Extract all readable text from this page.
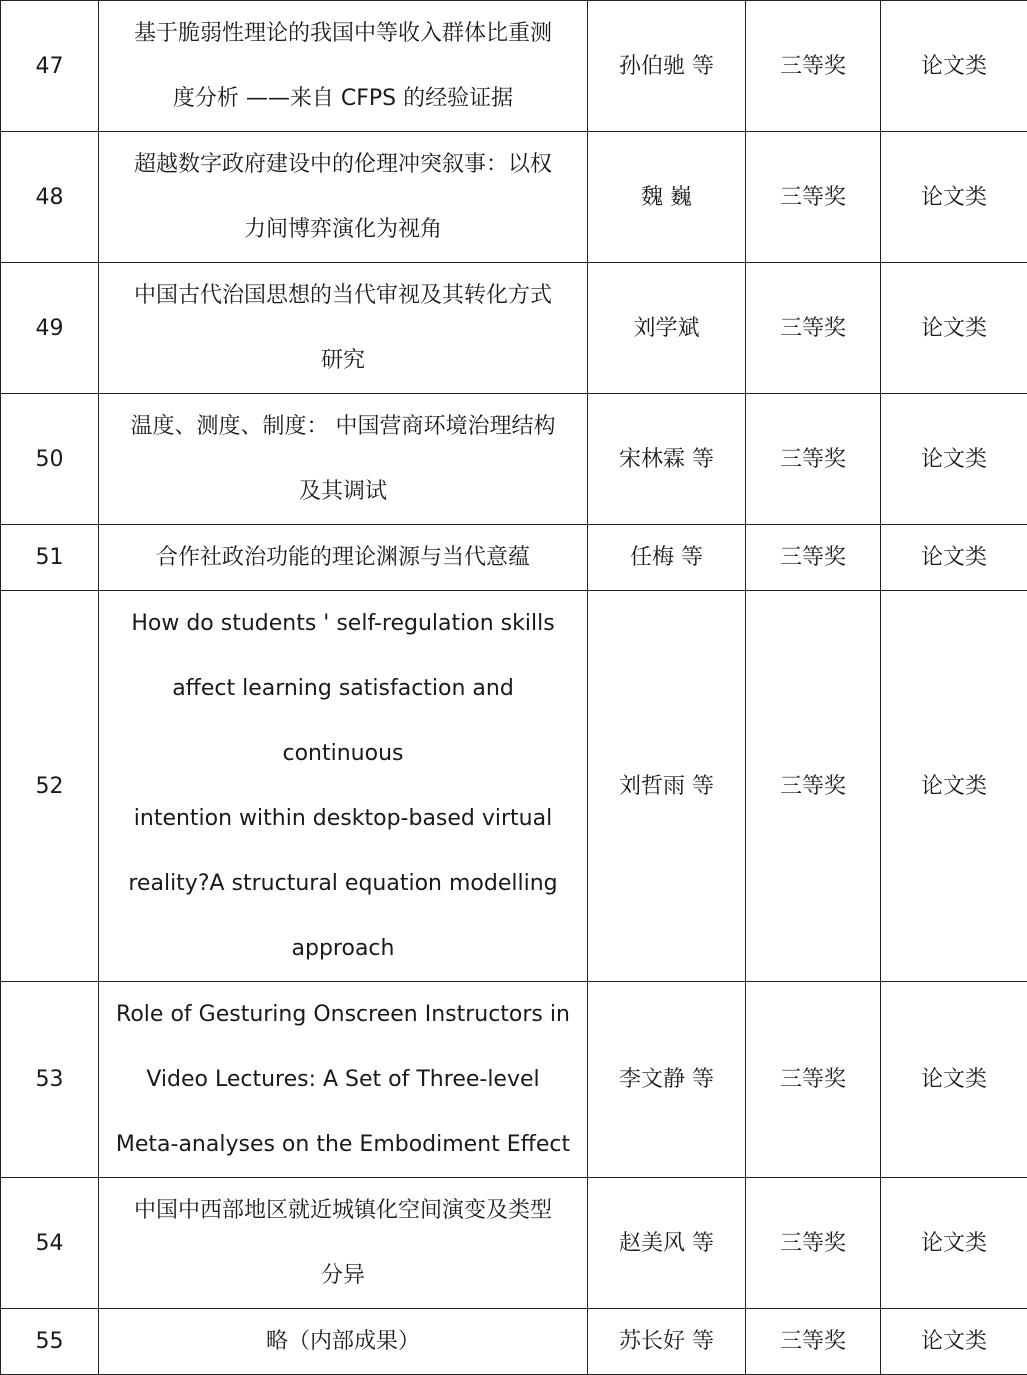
47	基于脆弱性理论的我国中等收入群体比重测
度分析 ——来自 CFPS 的经验证据	孙伯驰 等	三等奖	论文类
48	超越数字政府建设中的伦理冲突叙事：以权
力间博弈演化为视角	魏 巍	三等奖	论文类
49	中国古代治国思想的当代审视及其转化方式
研究	刘学斌	三等奖	论文类
50	温度、测度、制度： 中国营商环境治理结构
及其调试	宋林霖 等	三等奖	论文类
51	合作社政治功能的理论渊源与当代意蕴	任梅 等	三等奖	论文类
52	How do students ' self-regulation skills
affect learning satisfaction and continuous
intention within desktop-based virtual
reality?A structural equation modelling
approach	刘哲雨 等	三等奖	论文类
53	Role of Gesturing Onscreen Instructors in
Video Lectures: A Set of Three-level
Meta-analyses on the Embodiment Effect	李文静 等	三等奖	论文类
54	中国中西部地区就近城镇化空间演变及类型
分异	赵美风 等	三等奖	论文类
55	略（内部成果）	苏长好 等	三等奖	论文类
